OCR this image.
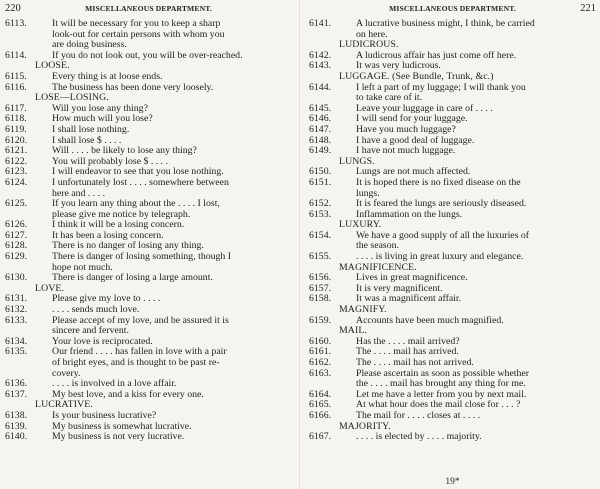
220	MISCELLANEOUS DEPARTMENT.
6113.	It will be necessary for you to keep a sharp
look-out for certain persons with whom you
are doing business.
6114.	If you do not look out, you will be over-reached.
LOOSE.
6115.	Every thing is at loose ends.
6116.	The business has been done very loosely.
LOSE—LOSING.
6117.	Will you lose any thing?
6118.	How much will you lose?
6119.	I shall lose nothing.
6120.	I shall lose $ . . . .
6121.	Will . . . . be likely to lose any thing?
6122.	You will probably lose $ . . . .
6123.	I will endeavor to see that you lose nothing.
6124.	I unfortunately lost . . . . somewhere between
here and . . . .
6125.	If you learn any thing about the . . . . I lost,
please give me notice by telegraph.
6126.	I think it will be a losing concern.
6127.	It has been a losing concern.
6128.	There is no danger of losing any thing.
6129.	There is danger of losing something, though I
hope not much.
6130.	There is danger of losing a large amount.
LOVE.
6131.	Please give my love to . . . .
6132.	. . . . sends much love.
6133.	Please accept of my love, and be assured it is
sincere and fervent.
6134.	Your love is reciprocated.
6135.	Our friend . . . . has fallen in love with a pair
of bright eyes, and is thought to be past re-
covery.
6136.	. . . . is involved in a love affair.
6137.	My best love, and a kiss for every one.
LUCRATIVE.
6138.	Is your business lucrative?
6139.	My business is somewhat lucrative.
6140.	My business is not very lucrative.
221
MISCELLANEOUS DEPARTMENT.
6141.	A lucrative business might, I think, be carried
on here.
LUDICROUS.
6142.	A ludicrous affair has just come off here.
6143.	It was very ludicrous.
LUGGAGE. (See Bundle, Trunk, &c.)
6144.	I left a part of my luggage; I will thank you
to take care of it.
6145.	Leave your luggage in care of . . . .
6146.	I will send for your luggage.
6147.	Have you much luggage?
6148.	I have a good deal of luggage.
6149.	I have not much luggage.
LUNGS.
6150.	Lungs are not much affected.
6151.	It is hoped there is no fixed disease on the
lungs.
6152.	It is feared the lungs are seriously diseased.
6153.	Inflammation on the lungs.
LUXURY.
6154.	We have a good supply of all the luxuries of
the season.
6155.	. . . . is living in great luxury and elegance.
MAGNIFICENCE.
6156.	Lives in great magnificence.
6157.	It is very magnificent.
6158.	It was a magnificent affair.
MAGNIFY.
6159.	Accounts have been much magnified.
MAIL.
6160.	Has the . . . . mail arrived?
6161.	The . . . . mail has arrived.
6162.	The . . . . mail has not arrived.
6163.	Please ascertain as soon as possible whether
the . . . . mail has brought any thing for me.
6164.	Let me have a letter from you by next mail.
6165.	At what hour does the mail close for . . . ?
6166.	The mail for . . . . closes at . . . .
MAJORITY.
6167.	. . . . is elected by . . . . majority.
19*
